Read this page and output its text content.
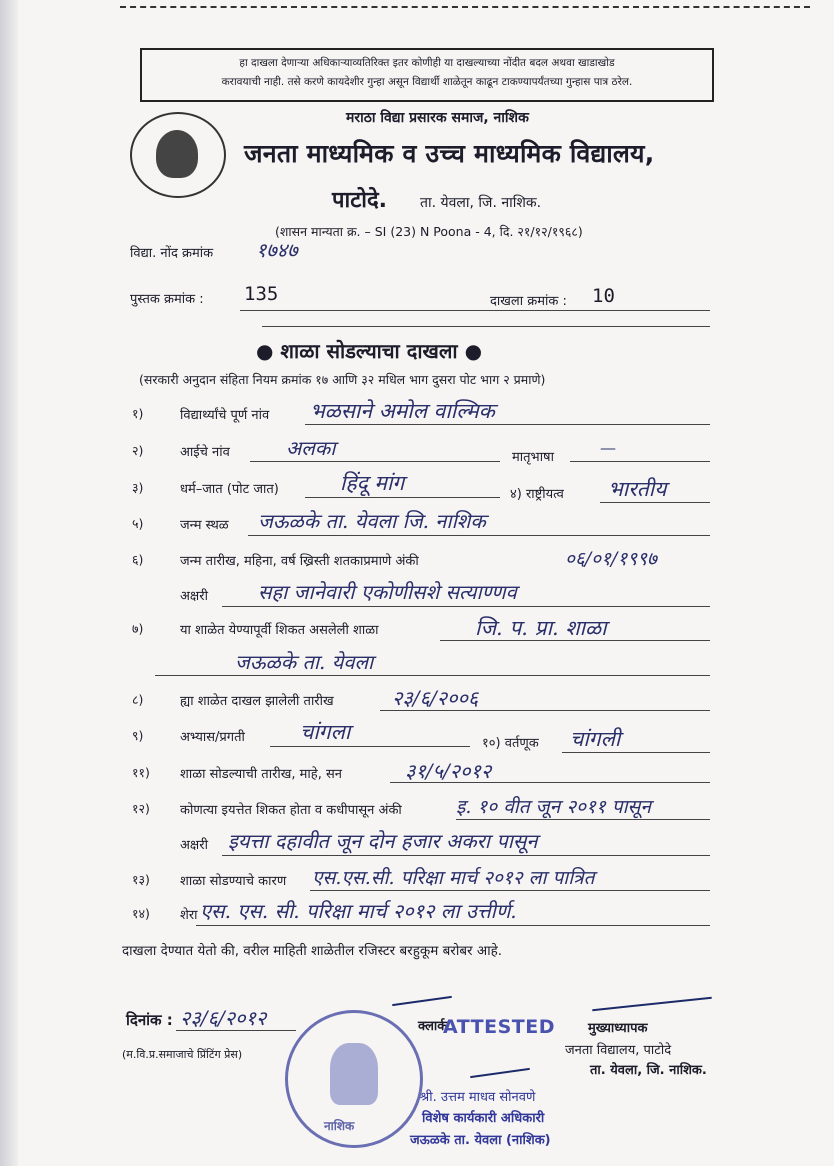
हा दाखला देणाऱ्या अधिकाऱ्याव्यतिरिक्त इतर कोणीही या दाखल्याच्या नोंदीत बदल अथवा खाडाखोड
करावयाची नाही. तसे करणे कायदेशीर गुन्हा असून विद्यार्थी शाळेतून काढून टाकण्यापर्यंतच्या गुन्हास पात्र ठरेल.
मराठा विद्या प्रसारक समाज, नाशिक
जनता माध्यमिक व उच्च माध्यमिक विद्यालय,
पाटोदे. ता. येवला, जि. नाशिक.
(शासन मान्यता क्र. – SI (23) N Poona - 4, दि. २१/१२/१९६८)
विद्या. नोंद क्रमांक १७४७
पुस्तक क्रमांक : 135	दाखला क्रमांक : 10
● शाळा सोडल्याचा दाखला ●
(सरकारी अनुदान संहिता नियम क्रमांक १७ आणि ३२ मधिल भाग दुसरा पोट भाग २ प्रमाणे)
१)	विद्यार्थ्यांचे पूर्ण नांव भळसाने अमोल वाल्मिक
२)	आईचे नांव	अलका	मातृभाषा
—
३)	धर्म–जात (पोट जात)	हिंदू मांग	४) राष्ट्रीयत्व भारतीय
५)	जन्म स्थळ जऊळके ता. येवला जि. नाशिक
६)	जन्म तारीख, महिना, वर्ष ख्रिस्ती शतकाप्रमाणे अंकी	०६/०१/१९९७
अक्षरी	सहा जानेवारी एकोणीसशे सत्याण्णव
७)	या शाळेत येण्यापूर्वी शिकत असलेली शाळा	जि. प. प्रा. शाळा
जऊळके ता. येवला
८)	ह्या शाळेत दाखल झालेली तारीख	२३/६/२००६
९)	अभ्यास/प्रगती	चांगला	१०) वर्तणूक चांगली
११) शाळा सोडल्याची तारीख, माहे, सन	३१/५/२०१२
१२) कोणत्या इयत्तेत शिकत होता व कधीपासून अंकी	इ. १० वीत जून २०११ पासून
अक्षरी इयत्ता दहावीत जून दोन हजार अकरा पासून
१३) शाळा सोडण्याचे कारण एस.एस.सी. परिक्षा मार्च २०१२ ला पात्रित
१४) शेरा एस. एस. सी. परिक्षा मार्च २०१२ ला उत्तीर्ण.
दाखला देण्यात येतो की, वरील माहिती शाळेतील रजिस्टर बरहुकूम बरोबर आहे.
दिनांक : २३/६/२०१२
(म.वि.प्र.समाजाचे प्रिंटिंग प्रेस)
नाशिक
क्लार्क
ATTESTED	मुख्याध्यापक
जनता विद्यालय, पाटोदे
ता. येवला, जि. नाशिक.
श्री. उत्तम माधव सोनवणे
विशेष कार्यकारी अधिकारी
जऊळके ता. येवला (नाशिक)
